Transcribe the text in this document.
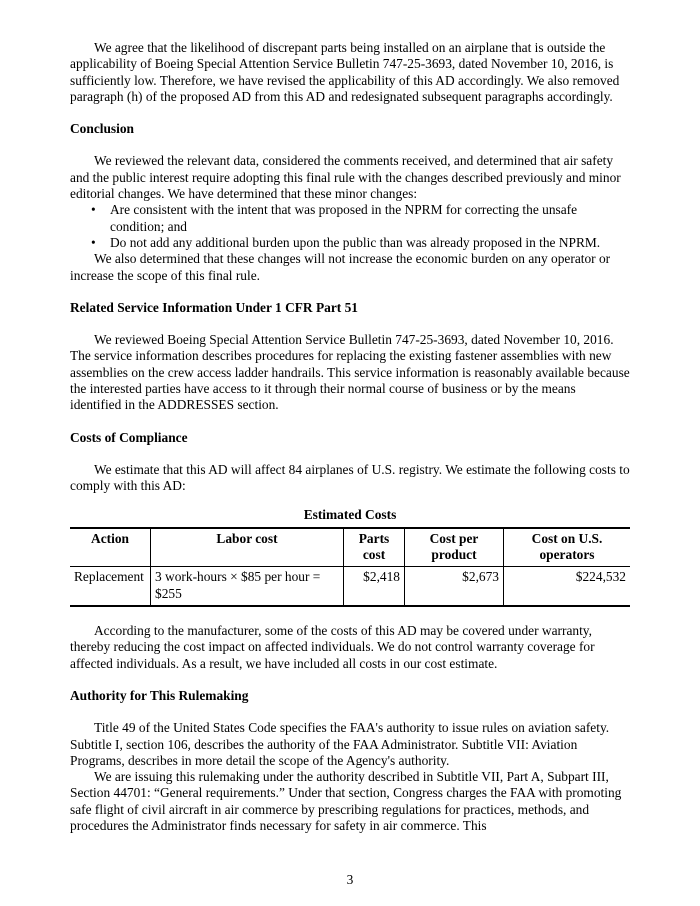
We agree that the likelihood of discrepant parts being installed on an airplane that is outside the applicability of Boeing Special Attention Service Bulletin 747-25-3693, dated November 10, 2016, is sufficiently low. Therefore, we have revised the applicability of this AD accordingly. We also removed paragraph (h) of the proposed AD from this AD and redesignated subsequent paragraphs accordingly.

Conclusion

We reviewed the relevant data, considered the comments received, and determined that air safety and the public interest require adopting this final rule with the changes described previously and minor editorial changes. We have determined that these minor changes:

• Are consistent with the intent that was proposed in the NPRM for correcting the unsafe condition; and
• Do not add any additional burden upon the public than was already proposed in the NPRM.

We also determined that these changes will not increase the economic burden on any operator or increase the scope of this final rule.

Related Service Information Under 1 CFR Part 51

We reviewed Boeing Special Attention Service Bulletin 747-25-3693, dated November 10, 2016. The service information describes procedures for replacing the existing fastener assemblies with new assemblies on the crew access ladder handrails. This service information is reasonably available because the interested parties have access to it through their normal course of business or by the means identified in the ADDRESSES section.

Costs of Compliance

We estimate that this AD will affect 84 airplanes of U.S. registry. We estimate the following costs to comply with this AD:

Estimated Costs
Action	Labor cost	Parts cost	Cost per product	Cost on U.S. operators
Replacement	3 work-hours × $85 per hour = $255	$2,418	$2,673	$224,532

According to the manufacturer, some of the costs of this AD may be covered under warranty, thereby reducing the cost impact on affected individuals. We do not control warranty coverage for affected individuals. As a result, we have included all costs in our cost estimate.

Authority for This Rulemaking

Title 49 of the United States Code specifies the FAA's authority to issue rules on aviation safety. Subtitle I, section 106, describes the authority of the FAA Administrator. Subtitle VII: Aviation Programs, describes in more detail the scope of the Agency's authority.

We are issuing this rulemaking under the authority described in Subtitle VII, Part A, Subpart III, Section 44701: “General requirements.” Under that section, Congress charges the FAA with promoting safe flight of civil aircraft in air commerce by prescribing regulations for practices, methods, and procedures the Administrator finds necessary for safety in air commerce. This

3
